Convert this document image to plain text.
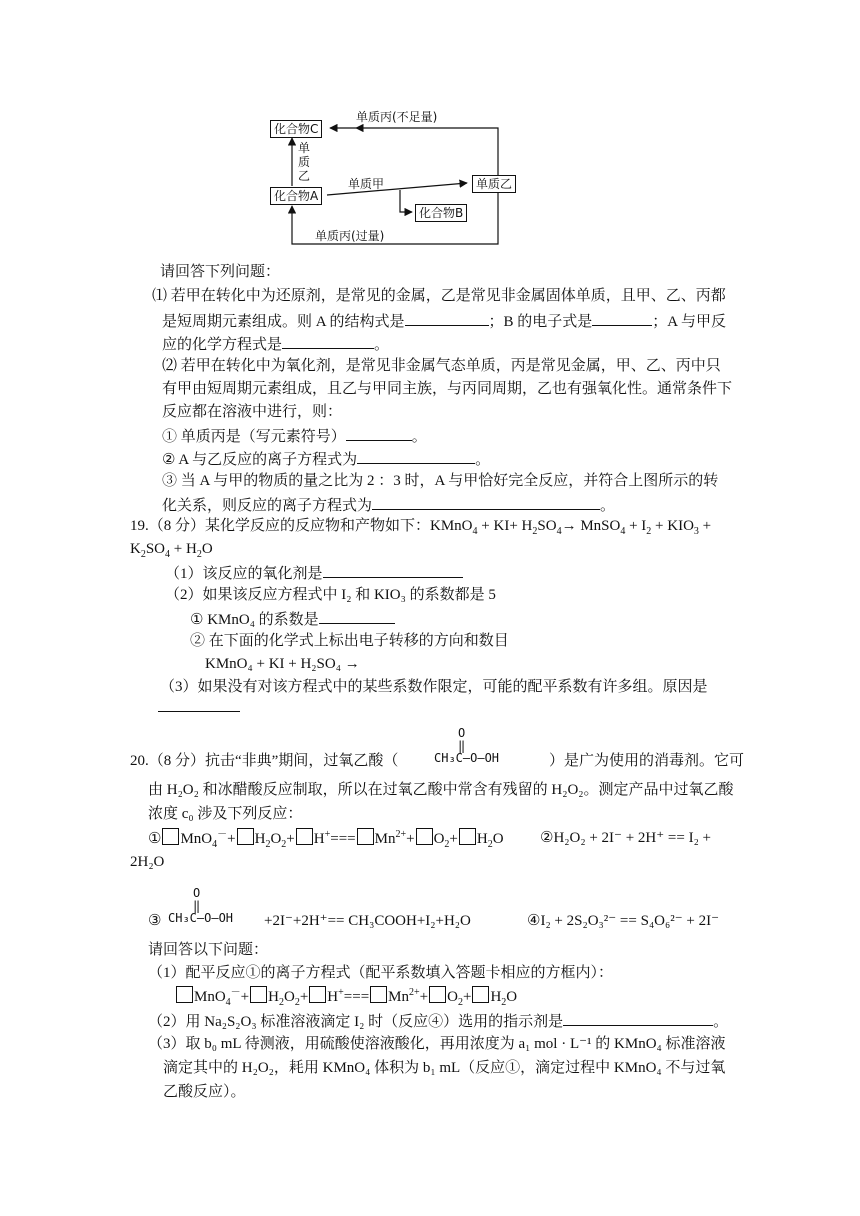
化合物C
化合物A
化合物B
单质乙
单质丙(不足量)
单质甲
单质丙(过量)
单
质
乙
请回答下列问题：
⑴ 若甲在转化中为还原剂，是常见的金属，乙是常见非金属固体单质，且甲、乙、丙都
是短周期元素组成。则 A 的结构式是	；B 的电子式是	；A 与甲反
应的化学方程式是	。
⑵ 若甲在转化中为氧化剂，是常见非金属气态单质，丙是常见金属，甲、乙、丙中只
有甲由短周期元素组成，且乙与甲同主族，与丙同周期，乙也有强氧化性。通常条件下
反应都在溶液中进行，则：
① 单质丙是（写元素符号）	。
② A 与乙反应的离子方程式为	。
③ 当 A 与甲的物质的量之比为 2 ：3 时，A 与甲恰好完全反应，并符合上图所示的转
化关系，则反应的离子方程式为	。
19.（8 分）某化学反应的反应物和产物如下：KMnO$_4$ + $KI+ H_2SO_4\to$ MnSO$_4$ + $I_2 + KIO_3$ +
$K_2SO_4 + H_2O$
（1）该反应的氧化剂是
（2）如果该反应方程式中 I₂ 和 KIO₃ 的系数都是 5
① KMnO₄ 的系数是
② 在下面的化学式上标出电子转移的方向和数目
KMnO₄ + KI + H₂SO₄ →
（3）如果没有对该方程式中的某些系数作限定，可能的配平系数有许多组。原因是
O
‖
CH₃C—O—OH
20.（8 分）抗击“非典”期间，过氧乙酸（	）是广为使用的消毒剂。它可
由 H₂O₂ 和冰醋酸反应制取，所以在过氧乙酸中常含有残留的 H₂O₂。测定产品中过氧乙酸
浓度 c₀ 涉及下列反应：
① $MnO_4^-+ H_2O_2+ H^+=== Mn^{2+}+ O_2+ H_2O$ ②H₂O₂ + 2I⁻ + 2H⁺ == I₂ +
2H₂O
O
‖
CH₃C—O—OH
③	+2I⁻+2H⁺== CH₃COOH+I₂+H₂O	④I₂ + 2S₂O₃²⁻ == S₄O₆²⁻ + 2I⁻
请回答以下问题：
（1）配平反应①的离子方程式（配平系数填入答题卡相应的方框内）：
$MnO_4^-+ H_2O_2+ H^+=== Mn^{2+}+ O_2+ H_2O$
（2）用 Na₂S₂O₃ 标准溶液滴定 I₂ 时（反应④）选用的指示剂是	。
（3）取 b₀ mL 待测液，用硫酸使溶液酸化，再用浓度为 a₁ mol · L⁻¹ 的 KMnO₄ 标准溶液
滴定其中的 H₂O₂，耗用 KMnO₄ 体积为 b₁ mL（反应①，滴定过程中 KMnO₄ 不与过氧
乙酸反应）。
